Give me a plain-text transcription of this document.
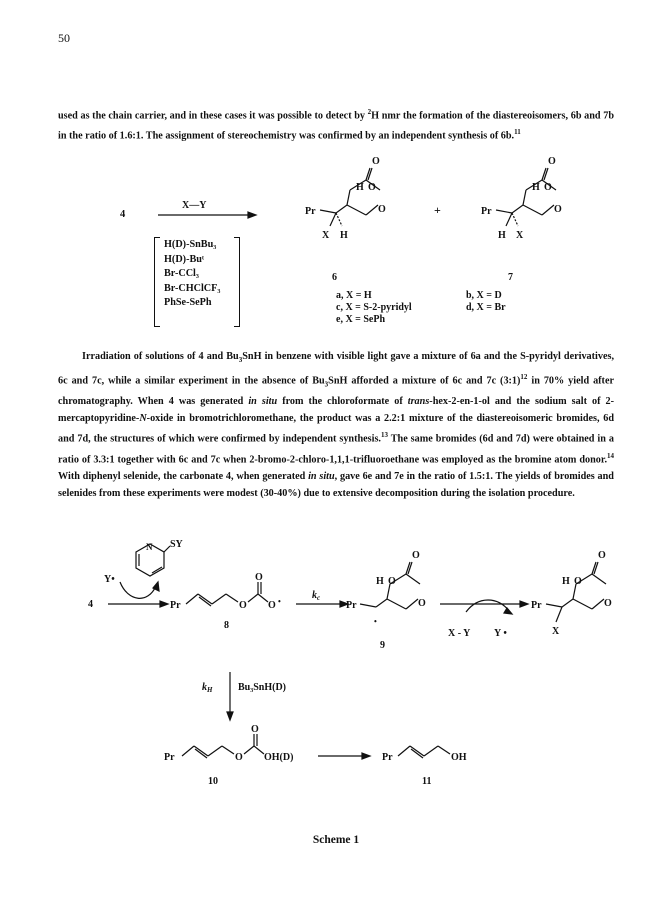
50
used as the chain carrier, and in these cases it was possible to detect by $^2$H nmr the formation of the diastereoisomers, 6b and 7b in the ratio of 1.6:1. The assignment of stereochemistry was confirmed by an independent synthesis of 6b.$^{11}$
4
X—Y
H(D)-SnBu₃
H(D)-Buᵗ
Br-CCl₃
Br-CHClCF₃
PhSe-SePh
H O
O
O
Pr
X H
H O
O
O
Pr
H X
+
6	7
a, X = H	b, X = D
c, X = S-2-pyridyl	d, X = Br
e, X = SePh
4
Y•
N SY
Pr	O
O
O •
8
$k_c$
H O
O
O
Pr
•
9
X - Y Y •
H O
O
O
Pr
X
$k_H$	Bu₃SnH(D)
Pr	O
O
OH(D)
10
Pr	OH
11
Irradiation of solutions of 4 and $Bu_3SnH$ in benzene with visible light gave a mixture of 6a and the S-pyridyl derivatives, 6c and 7c, while a similar experiment in the absence of $Bu_3SnH$ afforded a mixture of 6c and 7c (3:1)$^{12}$ in 70% yield after chromatography. When 4 was generated in situ from the chloroformate of trans-hex-2-en-1-ol and the sodium salt of 2-mercaptopyridine-N-oxide in bromotrichloromethane, the product was a 2.2:1 mixture of the diastereoisomeric bromides, 6d and 7d, the structures of which were confirmed by independent synthesis.$^{13}$ The same bromides (6d and 7d) were obtained in a ratio of 3.3:1 together with 6c and 7c when 2-bromo-2-chloro-1,1,1-trifluoroethane was employed as the bromine atom donor.$^{14}$ With diphenyl selenide, the carbonate 4, when generated in situ, gave 6e and 7e in the ratio of 1.5:1. The yields of bromides and selenides from these experiments were modest (30-40%) due to extensive decomposition during the isolation procedure.
Scheme 1
